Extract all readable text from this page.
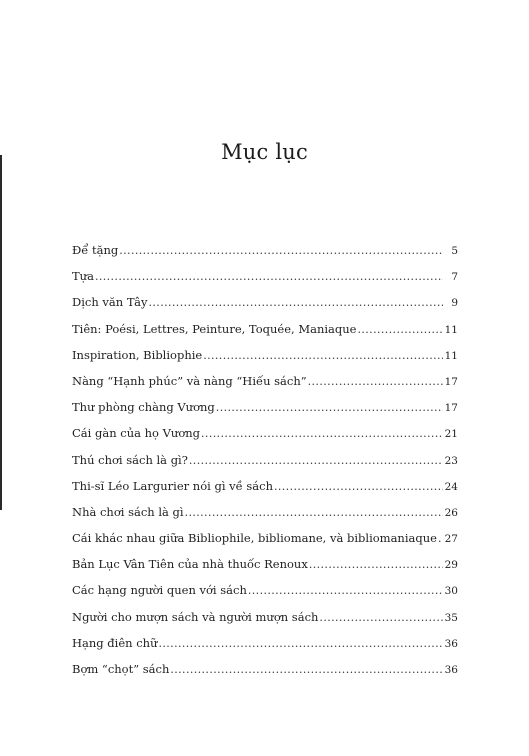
Mục lục
Để tặng .....	5
Tựa .....	7
Dịch văn Tây .....	9
Tiên: Poési, Lettres, Peinture, Toquée, Maniaque .....	11
Inspiration, Bibliophie .....	11
Nàng “Hạnh phúc” và nàng “Hiếu sách” .....	17
Thư phòng chàng Vương .....	17
Cái gàn của họ Vương .....	21
Thú chơi sách là gì? .....	23
Thi-sĩ Léo Largurier nói gì về sách .....	24
Nhà chơi sách là gì .....	26
Cái khác nhau giữa Bibliophile, bibliomane, và bibliomaniaque ..... 27
Bản Lục Vân Tiên của nhà thuốc Renoux .....	29
Các hạng người quen với sách .....	30
Người cho mượn sách và người mượn sách .....	35
Hạng điên chữ .....	36
Bợm “chọt” sách .....	36
